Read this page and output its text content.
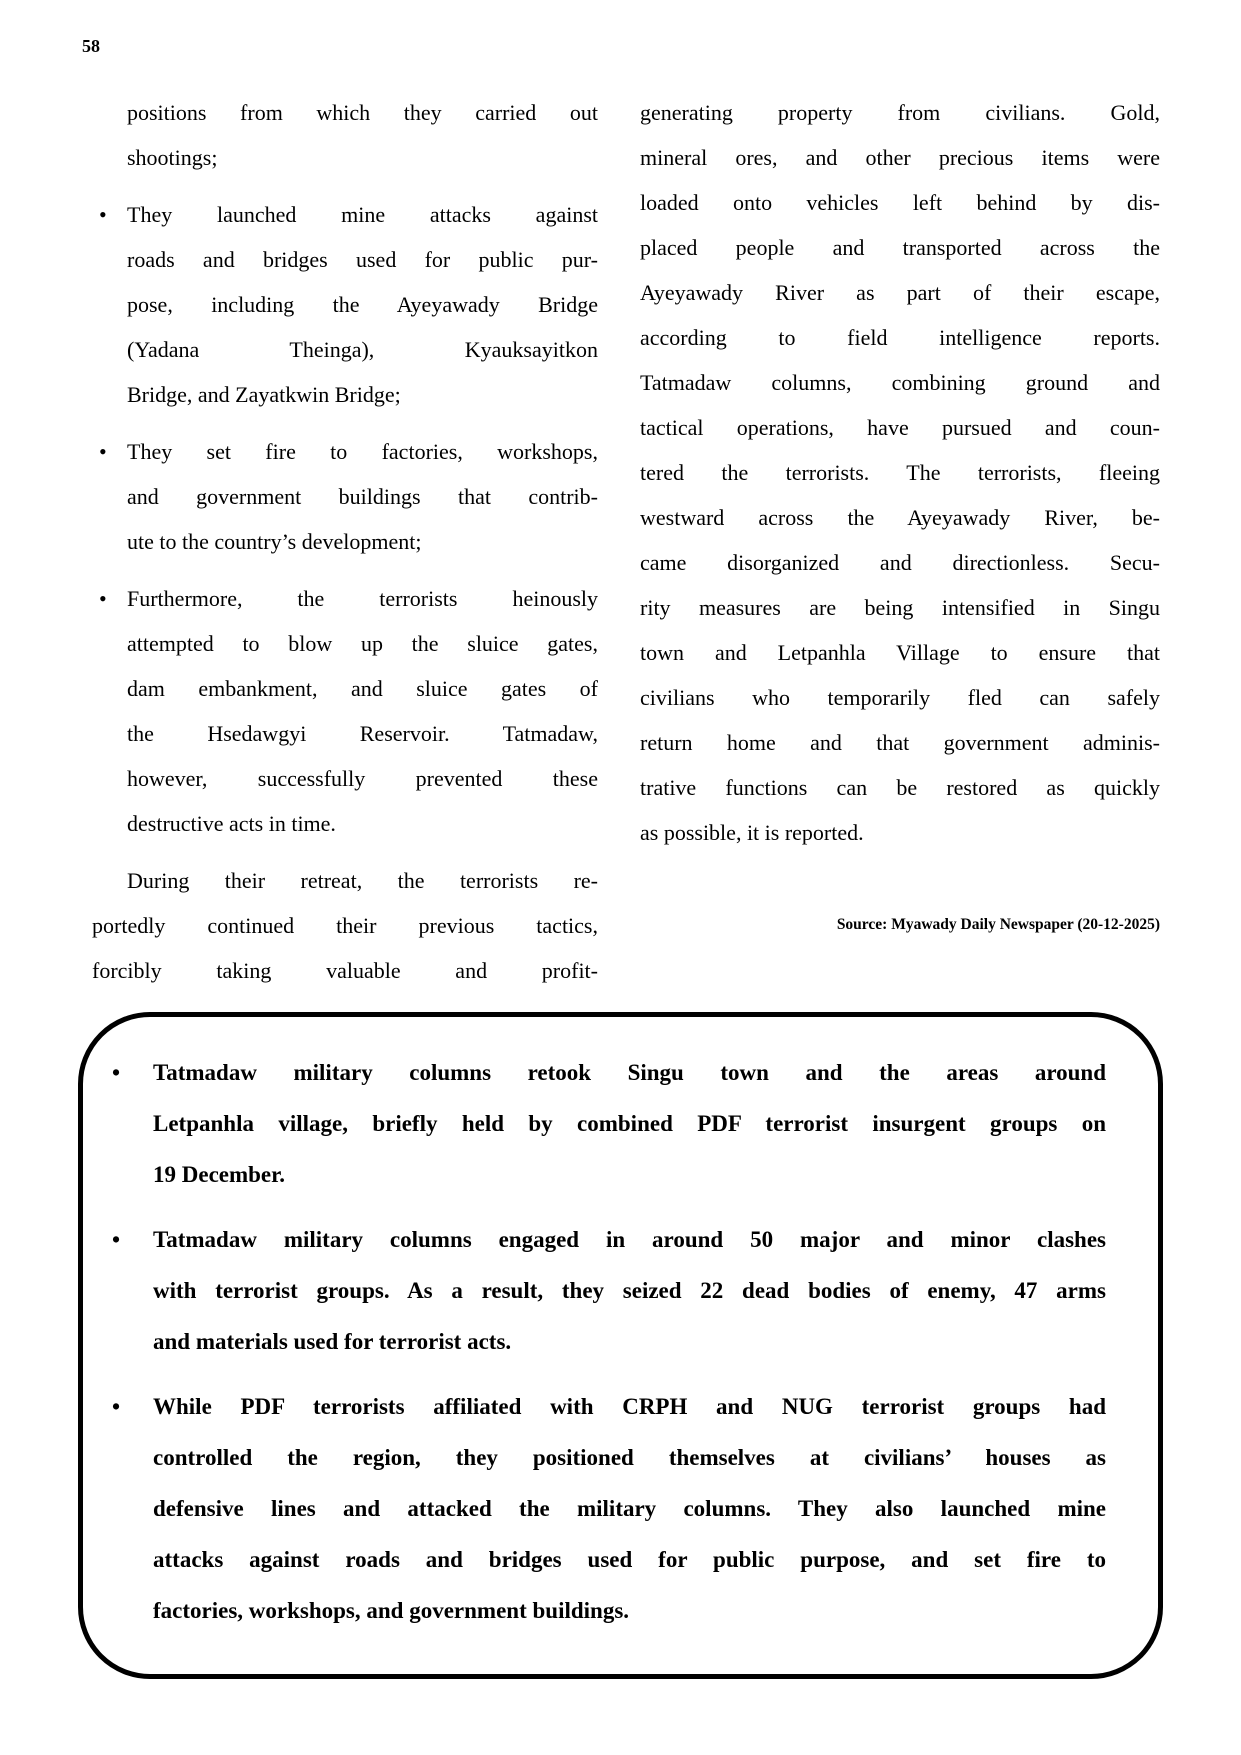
58
positions from which they carried out
shootings;
• They launched mine attacks against
roads and bridges used for public pur-
pose, including the Ayeyawady Bridge
(Yadana Theinga), Kyauksayitkon
Bridge, and Zayatkwin Bridge;
• They set fire to factories, workshops,
and government buildings that contrib-
ute to the country’s development;
• Furthermore, the terrorists heinously
attempted to blow up the sluice gates,
dam embankment, and sluice gates of
the Hsedawgyi Reservoir. Tatmadaw,
however, successfully prevented these
destructive acts in time.
During their retreat, the terrorists re-
portedly continued their previous tactics,
forcibly taking valuable and profit-
generating property from civilians. Gold,
mineral ores, and other precious items were
loaded onto vehicles left behind by dis-
placed people and transported across the
Ayeyawady River as part of their escape,
according to field intelligence reports.
Tatmadaw columns, combining ground and
tactical operations, have pursued and coun-
tered the terrorists. The terrorists, fleeing
westward across the Ayeyawady River, be-
came disorganized and directionless. Secu-
rity measures are being intensified in Singu
town and Letpanhla Village to ensure that
civilians who temporarily fled can safely
return home and that government adminis-
trative functions can be restored as quickly
as possible, it is reported.
Source: Myawady Daily Newspaper (20-12-2025)
• Tatmadaw military columns retook Singu town and the areas around
Letpanhla village, briefly held by combined PDF terrorist insurgent groups on
19 December.
• Tatmadaw military columns engaged in around 50 major and minor clashes
with terrorist groups. As a result, they seized 22 dead bodies of enemy, 47 arms
and materials used for terrorist acts.
• While PDF terrorists affiliated with CRPH and NUG terrorist groups had
controlled the region, they positioned themselves at civilians’ houses as
defensive lines and attacked the military columns. They also launched mine
attacks against roads and bridges used for public purpose, and set fire to
factories, workshops, and government buildings.
